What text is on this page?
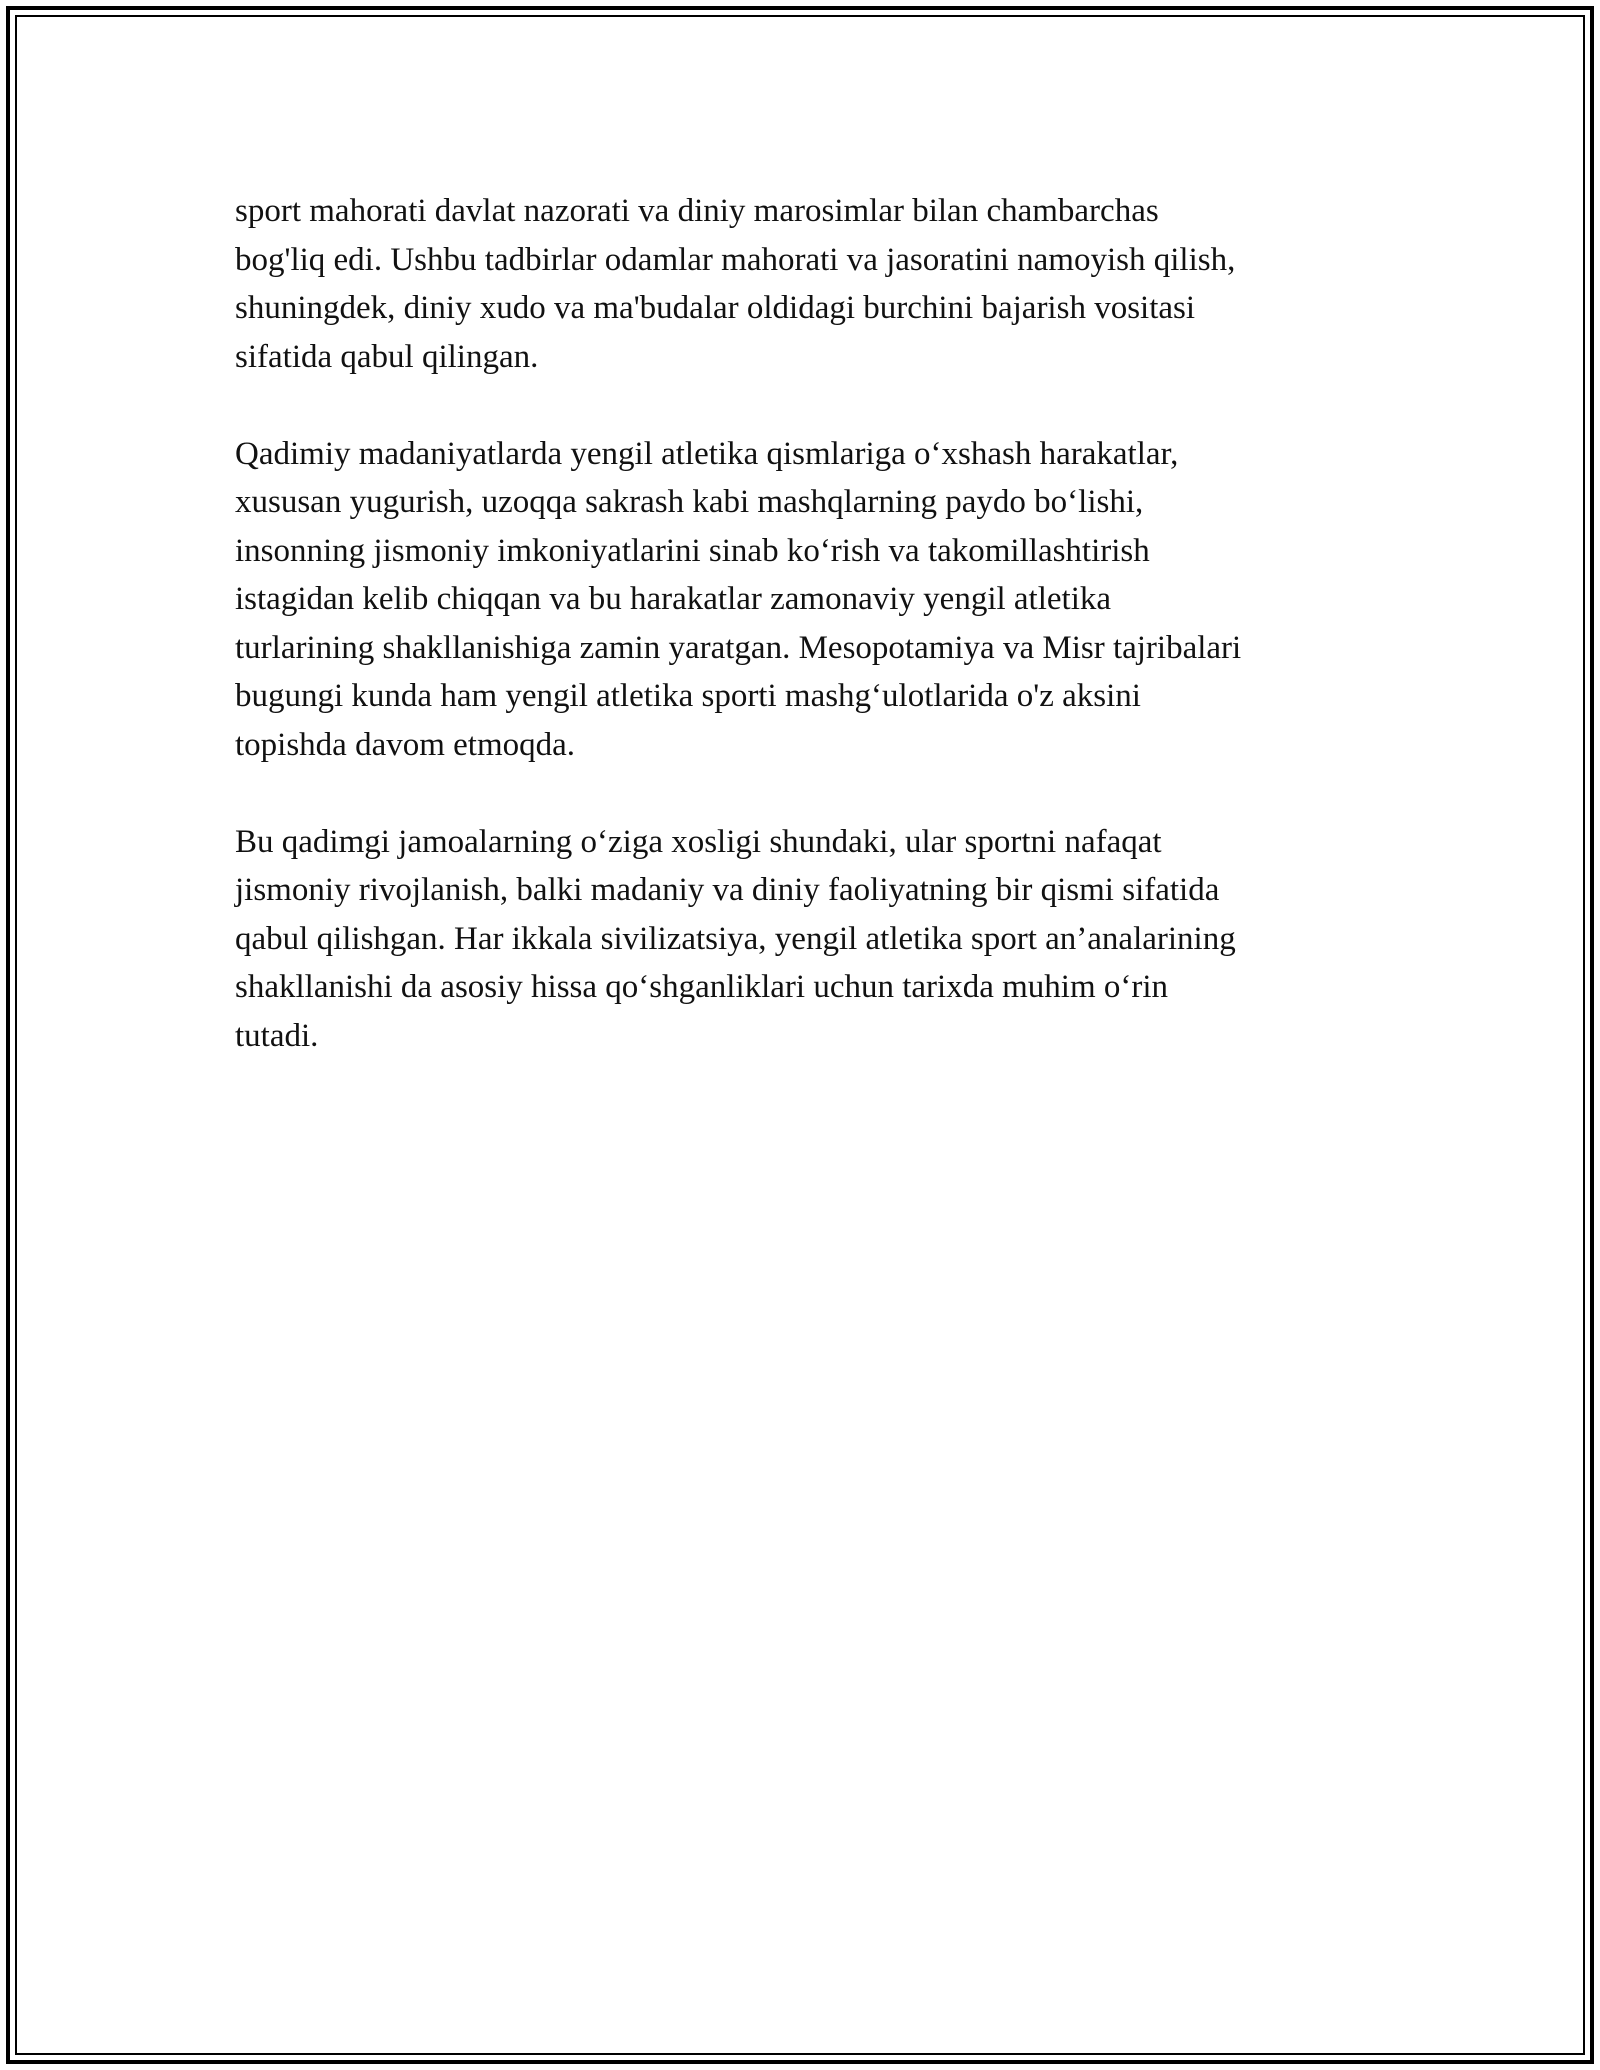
sport mahorati davlat nazorati va diniy marosimlar bilan chambarchas
bog'liq edi. Ushbu tadbirlar odamlar mahorati va jasoratini namoyish qilish,
shuningdek, diniy xudo va ma'budalar oldidagi burchini bajarish vositasi
sifatida qabul qilingan.

Qadimiy madaniyatlarda yengil atletika qismlariga o‘xshash harakatlar,
xususan yugurish, uzoqqa sakrash kabi mashqlarning paydo bo‘lishi,
insonning jismoniy imkoniyatlarini sinab ko‘rish va takomillashtirish
istagidan kelib chiqqan va bu harakatlar zamonaviy yengil atletika
turlarining shakllanishiga zamin yaratgan. Mesopotamiya va Misr tajribalari
bugungi kunda ham yengil atletika sporti mashg‘ulotlarida o'z aksini
topishda davom etmoqda.

Bu qadimgi jamoalarning o‘ziga xosligi shundaki, ular sportni nafaqat
jismoniy rivojlanish, balki madaniy va diniy faoliyatning bir qismi sifatida
qabul qilishgan. Har ikkala sivilizatsiya, yengil atletika sport an’analarining
shakllanishi da asosiy hissa qo‘shganliklari uchun tarixda muhim o‘rin
tutadi.
